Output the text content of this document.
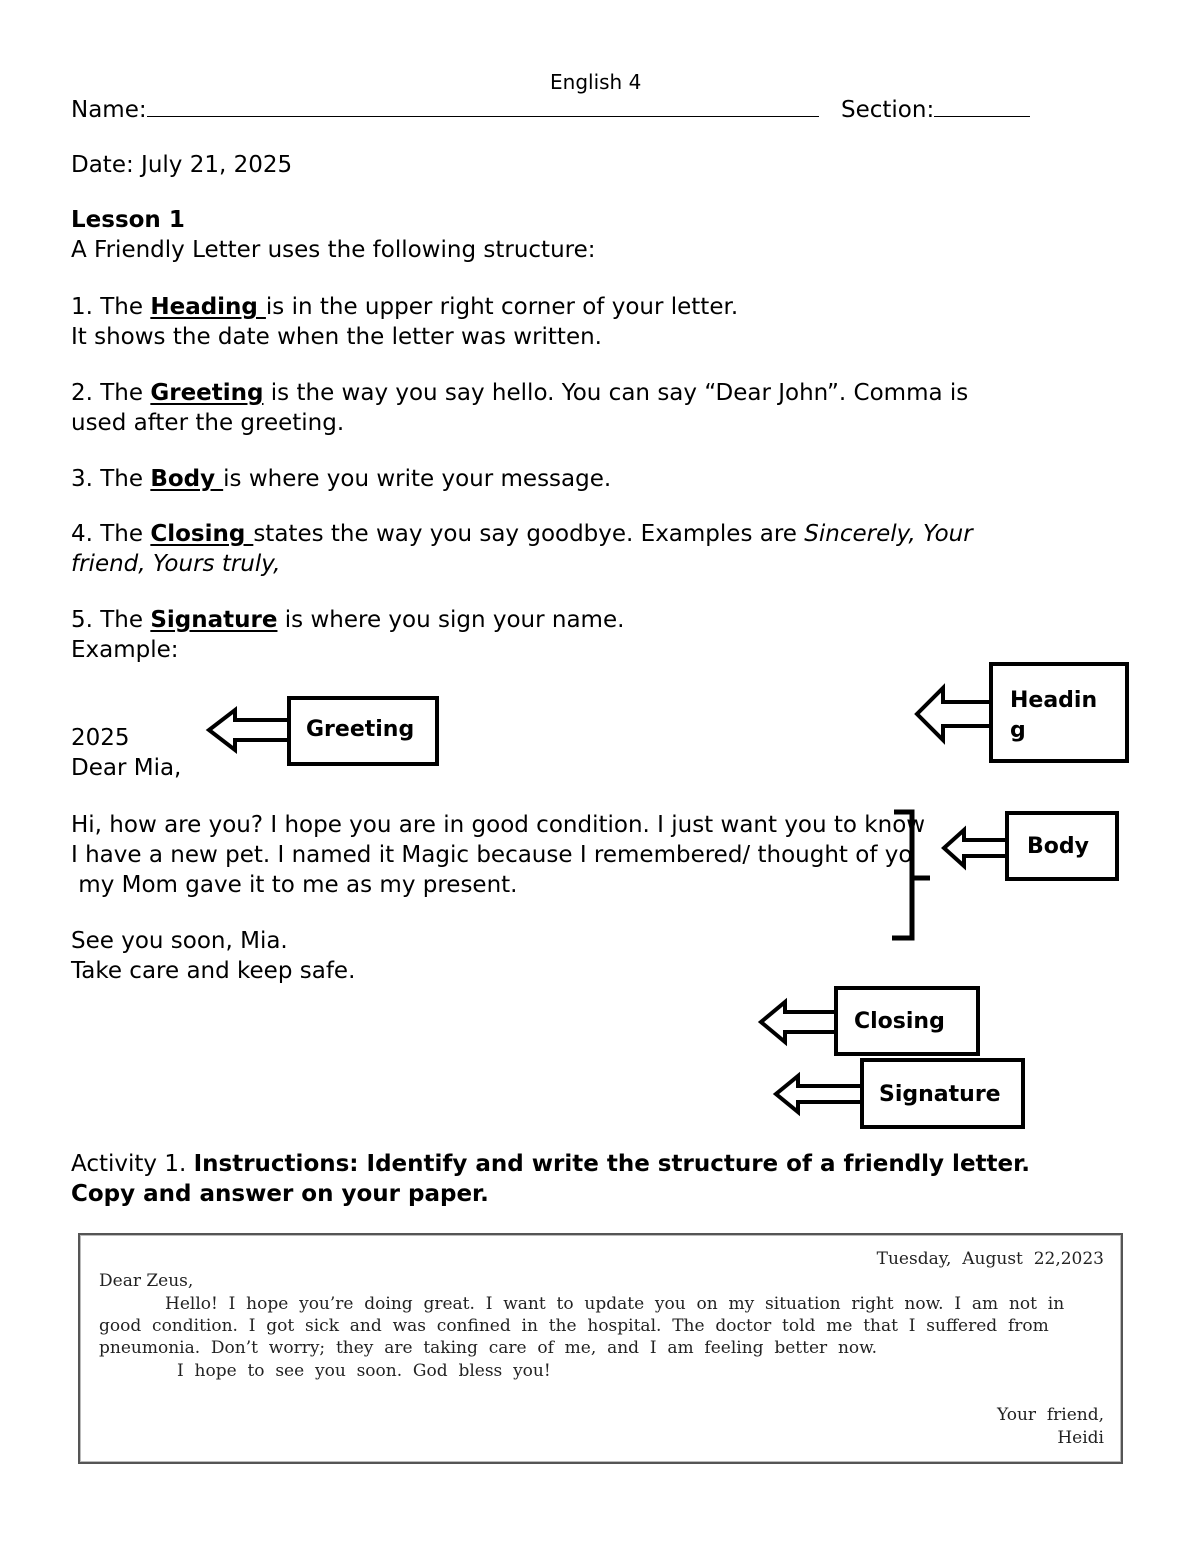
English 4
Name:	Section:
Date: July 21, 2025
Lesson 1
A Friendly Letter uses the following structure:
1. The Heading is in the upper right corner of your letter.
It shows the date when the letter was written.
2. The Greeting is the way you say hello. You can say “Dear John”. Comma is
used after the greeting.
3. The Body is where you write your message.
4. The Closing states the way you say goodbye. Examples are Sincerely, Your
friend, Yours truly,
5. The Signature is where you sign your name.
Example:
2025
Dear Mia,
Hi, how are you? I hope you are in good condition. I just want you to know
I have a new pet. I named it Magic because I remembered/ thought of yo
my Mom gave it to me as my present.
See you soon, Mia.
Take care and keep safe.
Headin
g
Greeting
Body
Closing
Signature
Activity 1. Instructions: Identify and write the structure of a friendly letter.
Copy and answer on your paper.
Tuesday,  August  22,2023
Dear Zeus,
Hello!  I  hope  you’re  doing  great.  I  want  to  update  you  on  my  situation  right  now.  I  am  not  in
good  condition.  I  got  sick  and  was  confined  in  the  hospital.  The  doctor  told  me  that  I  suffered  from
pneumonia.  Don’t  worry;  they  are  taking  care  of  me,  and  I  am  feeling  better  now.
I  hope  to  see  you  soon.  God  bless  you!
Your  friend,
Heidi
